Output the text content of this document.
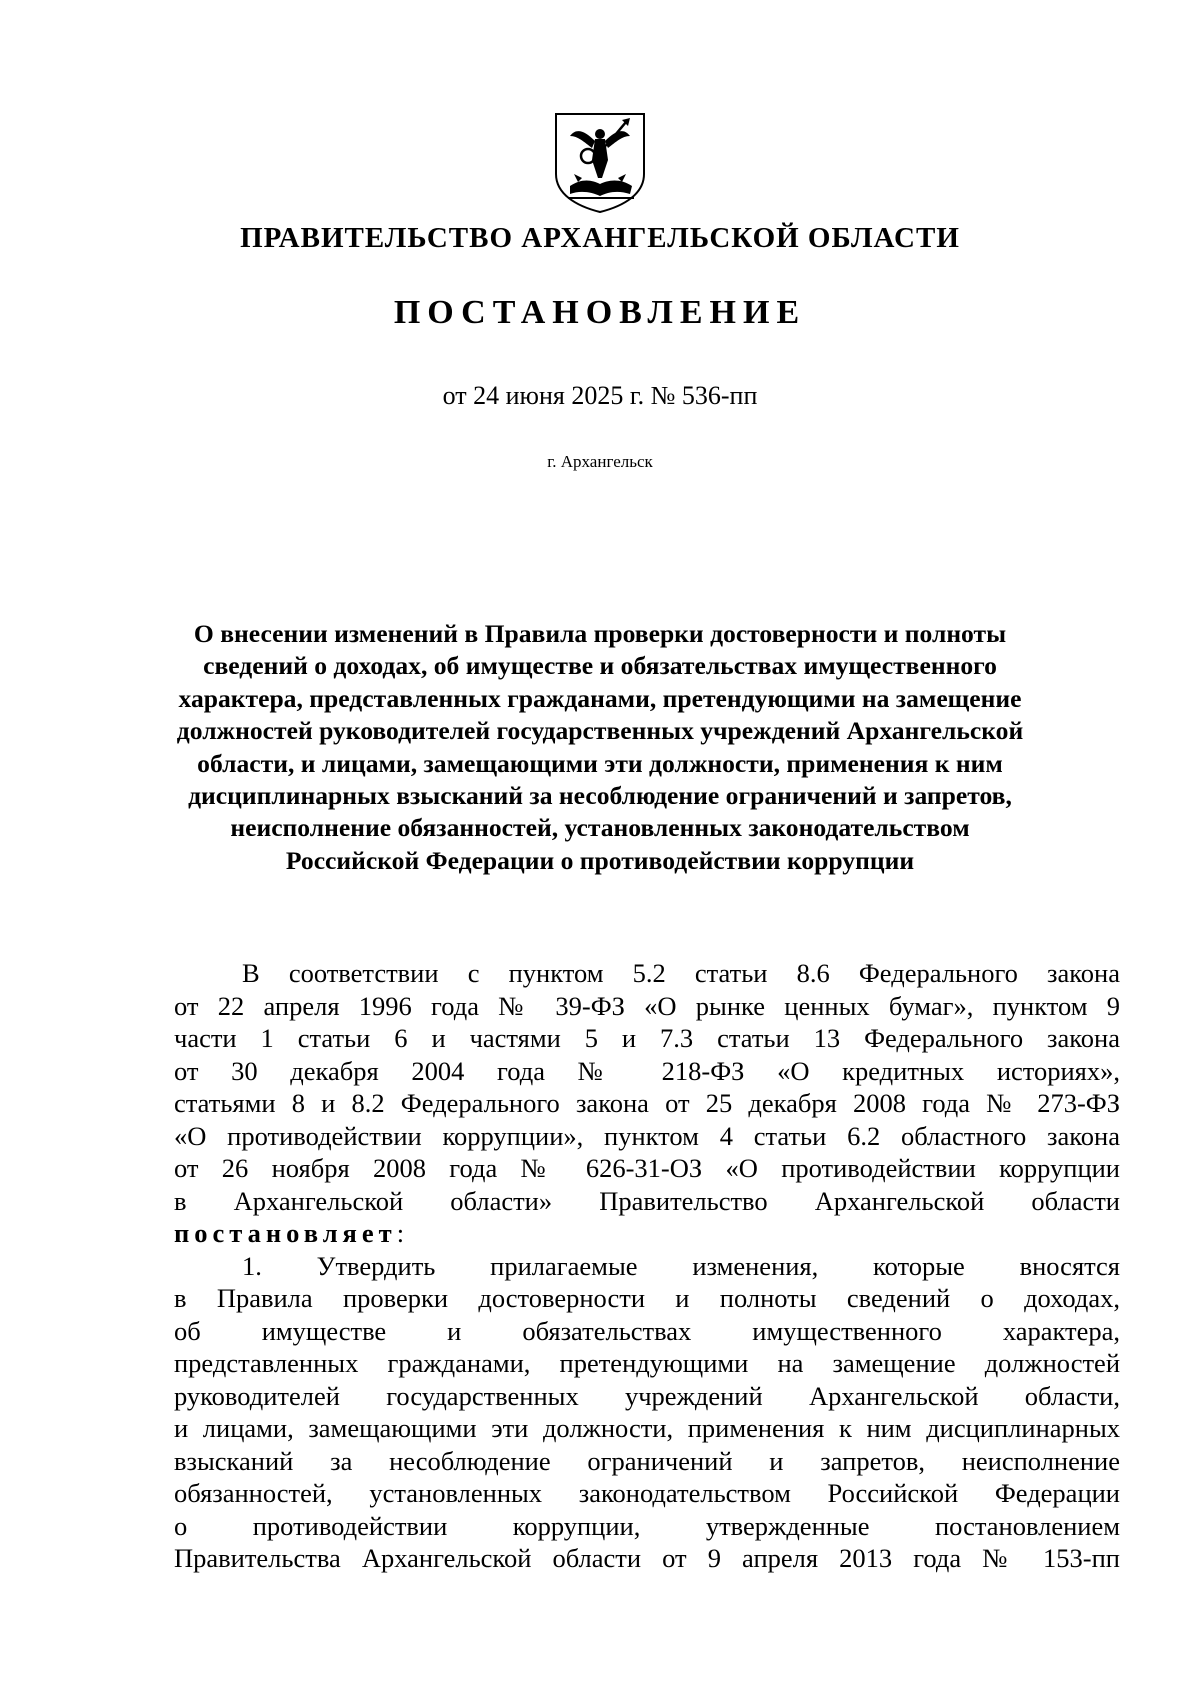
ПРАВИТЕЛЬСТВО АРХАНГЕЛЬСКОЙ ОБЛАСТИ
ПОСТАНОВЛЕНИЕ
от 24 июня 2025 г. № 536-пп
г. Архангельск
О внесении изменений в Правила проверки достоверности и полноты
сведений о доходах, об имуществе и обязательствах имущественного
характера, представленных гражданами, претендующими на замещение
должностей руководителей государственных учреждений Архангельской
области, и лицами, замещающими эти должности, применения к ним
дисциплинарных взысканий за несоблюдение ограничений и запретов,
неисполнение обязанностей, установленных законодательством
Российской Федерации о противодействии коррупции
В соответствии с пунктом 5.2 статьи 8.6 Федерального закона
от 22 апреля 1996 года № 39-ФЗ «О рынке ценных бумаг», пунктом 9
части 1 статьи 6 и частями 5 и 7.3 статьи 13 Федерального закона
от 30 декабря 2004 года № 218-ФЗ «О кредитных историях»,
статьями 8 и 8.2 Федерального закона от 25 декабря 2008 года № 273-ФЗ
«О противодействии коррупции», пунктом 4 статьи 6.2 областного закона
от 26 ноября 2008 года № 626-31-ОЗ «О противодействии коррупции
в Архангельской области» Правительство Архангельской области
постановляет:
1. Утвердить прилагаемые изменения, которые вносятся
в Правила проверки достоверности и полноты сведений о доходах,
об имуществе и обязательствах имущественного характера,
представленных гражданами, претендующими на замещение должностей
руководителей государственных учреждений Архангельской области,
и лицами, замещающими эти должности, применения к ним дисциплинарных
взысканий за несоблюдение ограничений и запретов, неисполнение
обязанностей, установленных законодательством Российской Федерации
о противодействии коррупции, утвержденные постановлением
Правительства Архангельской области от 9 апреля 2013 года № 153-пп
